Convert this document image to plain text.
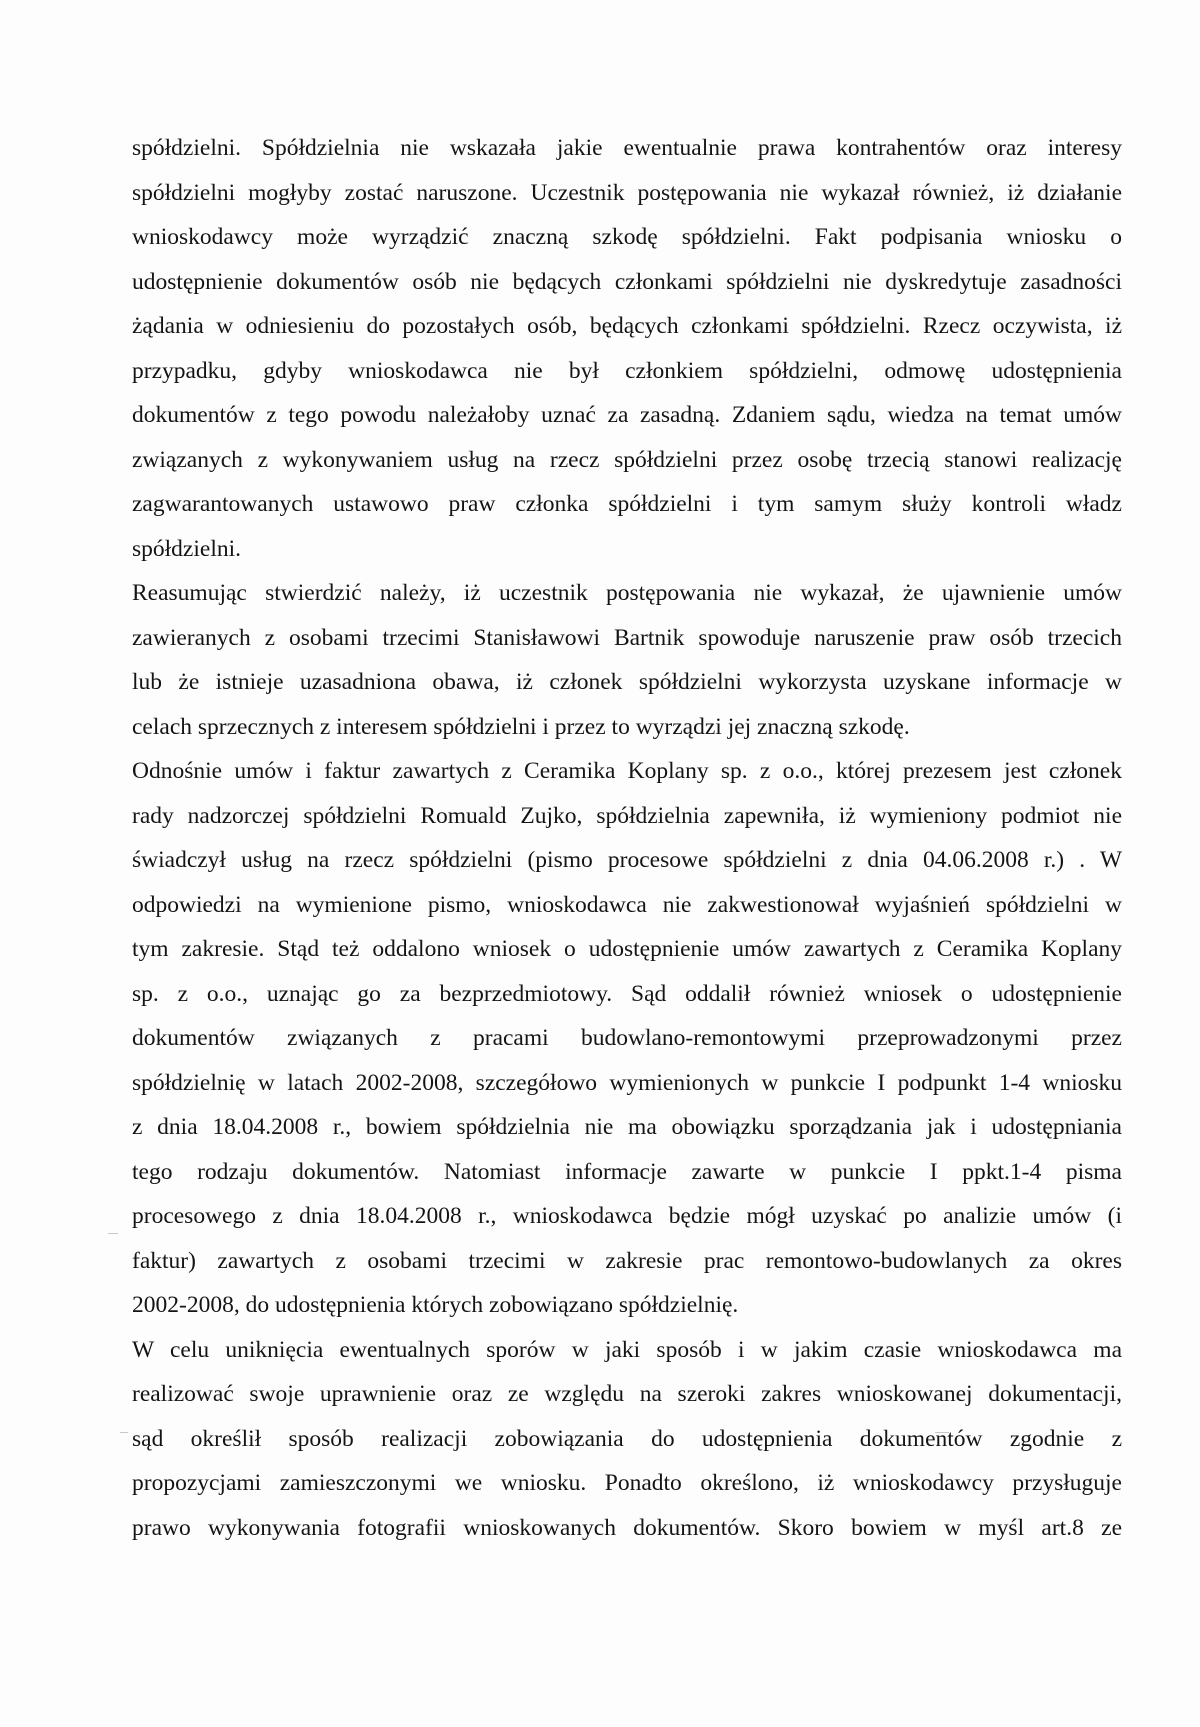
spółdzielni. Spółdzielnia nie wskazała jakie ewentualnie prawa kontrahentów oraz interesy
spółdzielni mogłyby zostać naruszone. Uczestnik postępowania nie wykazał również, iż działanie
wnioskodawcy może wyrządzić znaczną szkodę spółdzielni. Fakt podpisania wniosku o
udostępnienie dokumentów osób nie będących członkami spółdzielni nie dyskredytuje zasadności
żądania w odniesieniu do pozostałych osób, będących członkami spółdzielni. Rzecz oczywista, iż
przypadku, gdyby wnioskodawca nie był członkiem spółdzielni, odmowę udostępnienia
dokumentów z tego powodu należałoby uznać za zasadną. Zdaniem sądu, wiedza na temat umów
związanych z wykonywaniem usług na rzecz spółdzielni przez osobę trzecią stanowi realizację
zagwarantowanych ustawowo praw członka spółdzielni i tym samym służy kontroli władz
spółdzielni.
Reasumując stwierdzić należy, iż uczestnik postępowania nie wykazał, że ujawnienie umów
zawieranych z osobami trzecimi Stanisławowi Bartnik spowoduje naruszenie praw osób trzecich
lub że istnieje uzasadniona obawa, iż członek spółdzielni wykorzysta uzyskane informacje w
celach sprzecznych z interesem spółdzielni i przez to wyrządzi jej znaczną szkodę.
Odnośnie umów i faktur zawartych z Ceramika Koplany sp. z o.o., której prezesem jest członek
rady nadzorczej spółdzielni Romuald Zujko, spółdzielnia zapewniła, iż wymieniony podmiot nie
świadczył usług na rzecz spółdzielni (pismo procesowe spółdzielni z dnia 04.06.2008 r.) . W
odpowiedzi na wymienione pismo, wnioskodawca nie zakwestionował wyjaśnień spółdzielni w
tym zakresie. Stąd też oddalono wniosek o udostępnienie umów zawartych z Ceramika Koplany
sp. z o.o., uznając go za bezprzedmiotowy. Sąd oddalił również wniosek o udostępnienie
dokumentów związanych z pracami budowlano-remontowymi przeprowadzonymi przez
spółdzielnię w latach 2002-2008, szczegółowo wymienionych w punkcie I podpunkt 1-4 wniosku
z dnia 18.04.2008 r., bowiem spółdzielnia nie ma obowiązku sporządzania jak i udostępniania
tego rodzaju dokumentów. Natomiast informacje zawarte w punkcie I ppkt.1-4 pisma
procesowego z dnia 18.04.2008 r., wnioskodawca będzie mógł uzyskać po analizie umów (i
faktur) zawartych z osobami trzecimi w zakresie prac remontowo-budowlanych za okres
2002-2008, do udostępnienia których zobowiązano spółdzielnię.
W celu uniknięcia ewentualnych sporów w jaki sposób i w jakim czasie wnioskodawca ma
realizować swoje uprawnienie oraz ze względu na szeroki zakres wnioskowanej dokumentacji,
sąd określił sposób realizacji zobowiązania do udostępnienia dokumentów zgodnie z
propozycjami zamieszczonymi we wniosku. Ponadto określono, iż wnioskodawcy przysługuje
prawo wykonywania fotografii wnioskowanych dokumentów. Skoro bowiem w myśl art.8 ze
